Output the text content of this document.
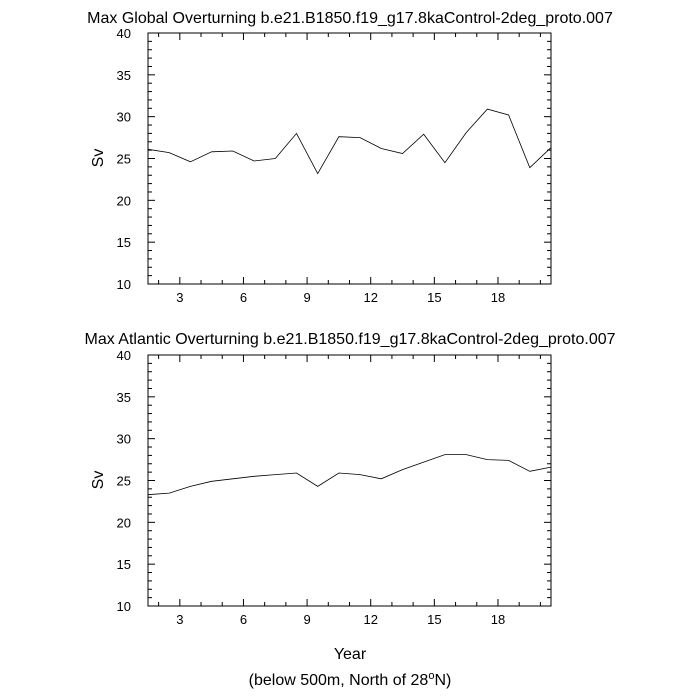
Max Global Overturning b.e21.B1850.f19_g17.8kaControl-2deg_proto.007
Sv
3	6	9	12	15	18
10
15
20
25
30
35
40
Max Atlantic Overturning b.e21.B1850.f19_g17.8kaControl-2deg_proto.007
Sv
3	6	9	12	15	18
10
15
20
25
30
35
40
Year
(below 500m, North of 28$^o$N)
